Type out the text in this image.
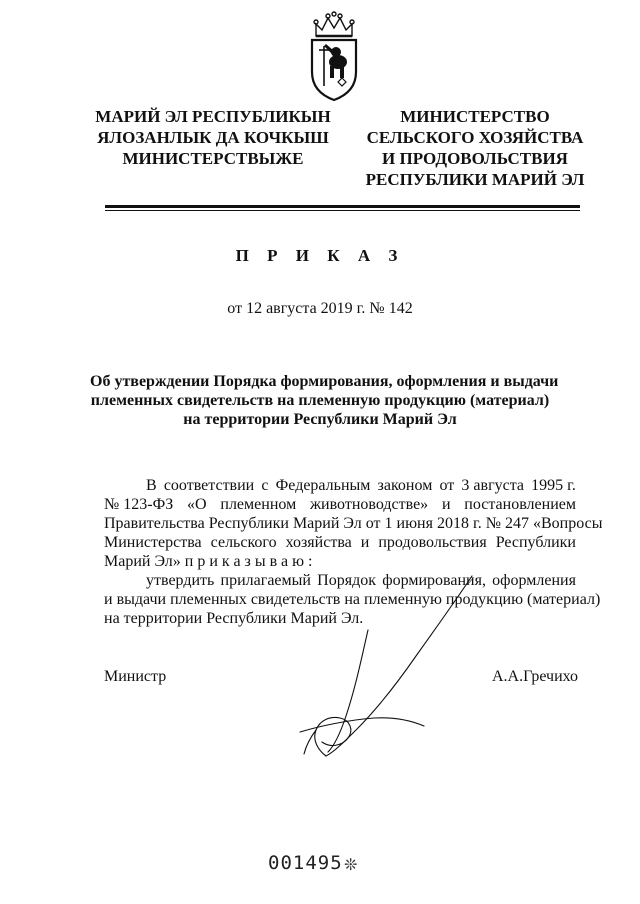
МАРИЙ ЭЛ РЕСПУБЛИКЫН
ЯЛОЗАНЛЫК ДА КОЧКЫШ
МИНИСТЕРСТВЫЖЕ
МИНИСТЕРСТВО
СЕЛЬСКОГО ХОЗЯЙСТВА
И ПРОДОВОЛЬСТВИЯ
РЕСПУБЛИКИ МАРИЙ ЭЛ
П Р И К А З
от 12 августа 2019 г. № 142
Об утверждении Порядка формирования, оформления и выдачи
племенных свидетельств на племенную продукцию (материал)
на территории Республики Марий Эл
В соответствии с Федеральным законом от 3 августа 1995 г.
№ 123-ФЗ «О племенном животноводстве» и постановлением
Правительства Республики Марий Эл от 1 июня 2018 г. № 247 «Вопросы
Министерства сельского хозяйства и продовольствия Республики
Марий Эл» приказываю:
утвердить прилагаемый Порядок формирования, оформления
и выдачи племенных свидетельств на племенную продукцию (материал)
на территории Республики Марий Эл.
Министр	А.А.Гречихо
001495 ❊
